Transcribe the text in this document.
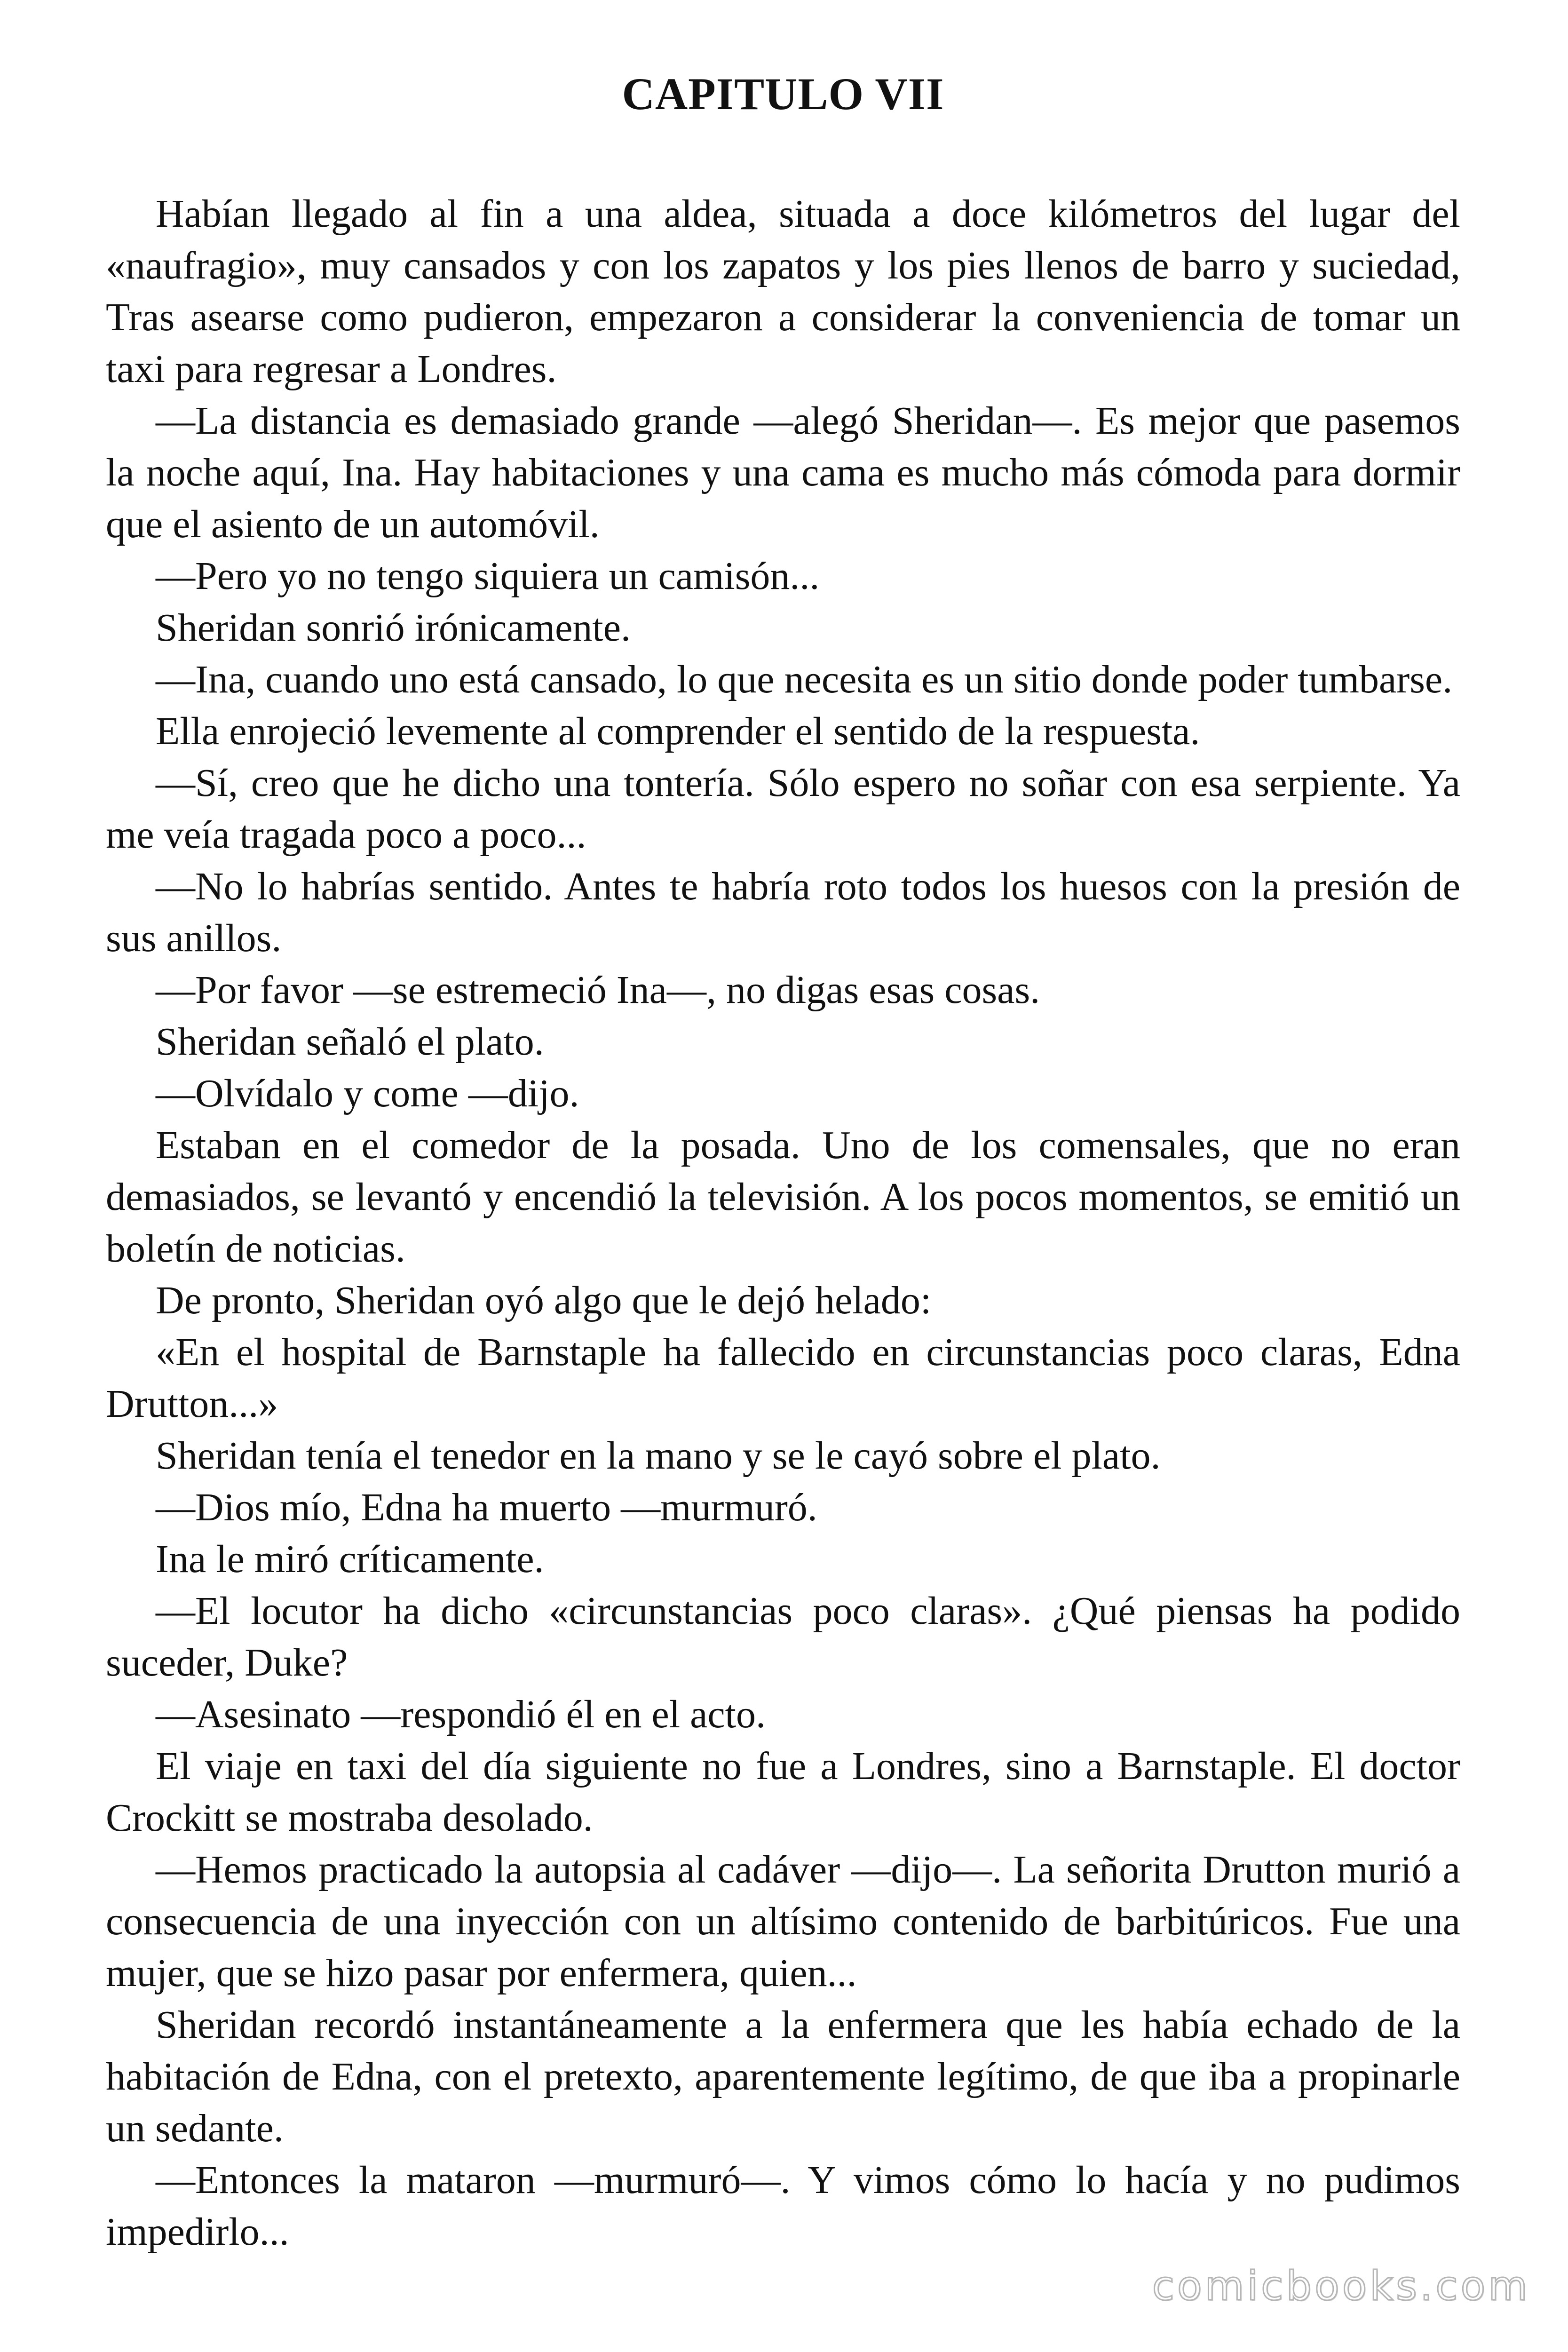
CAPITULO VII

Habían llegado al fin a una aldea, situada a doce kilómetros del lugar del «naufragio», muy cansados y con los zapatos y los pies llenos de barro y suciedad, Tras asearse como pudieron, empezaron a considerar la conveniencia de tomar un taxi para regresar a Londres.

—La distancia es demasiado grande —alegó Sheridan—. Es mejor que pasemos la noche aquí, Ina. Hay habitaciones y una cama es mucho más cómoda para dormir que el asiento de un automóvil.

—Pero yo no tengo siquiera un camisón...

Sheridan sonrió irónicamente.

—Ina, cuando uno está cansado, lo que necesita es un sitio donde poder tumbarse.

Ella enrojeció levemente al comprender el sentido de la respuesta.

—Sí, creo que he dicho una tontería. Sólo espero no soñar con esa serpiente. Ya me veía tragada poco a poco...

—No lo habrías sentido. Antes te habría roto todos los huesos con la presión de sus anillos.

—Por favor —se estremeció Ina—, no digas esas cosas.

Sheridan señaló el plato.

—Olvídalo y come —dijo.

Estaban en el comedor de la posada. Uno de los comensales, que no eran demasiados, se levantó y encendió la televisión. A los pocos momentos, se emitió un boletín de noticias.

De pronto, Sheridan oyó algo que le dejó helado:

«En el hospital de Barnstaple ha fallecido en circunstancias poco claras, Edna Drutton...»

Sheridan tenía el tenedor en la mano y se le cayó sobre el plato.

—Dios mío, Edna ha muerto —murmuró.

Ina le miró críticamente.

—El locutor ha dicho «circunstancias poco claras». ¿Qué piensas ha podido suceder, Duke?

—Asesinato —respondió él en el acto.

El viaje en taxi del día siguiente no fue a Londres, sino a Barnstaple. El doctor Crockitt se mostraba desolado.

—Hemos practicado la autopsia al cadáver —dijo—. La señorita Drutton murió a consecuencia de una inyección con un altísimo contenido de barbitúricos. Fue una mujer, que se hizo pasar por enfermera, quien...

Sheridan recordó instantáneamente a la enfermera que les había echado de la habitación de Edna, con el pretexto, aparentemente legítimo, de que iba a propinarle un sedante.

—Entonces la mataron —murmuró—. Y vimos cómo lo hacía y no pudimos impedirlo...

comicbooks.com
